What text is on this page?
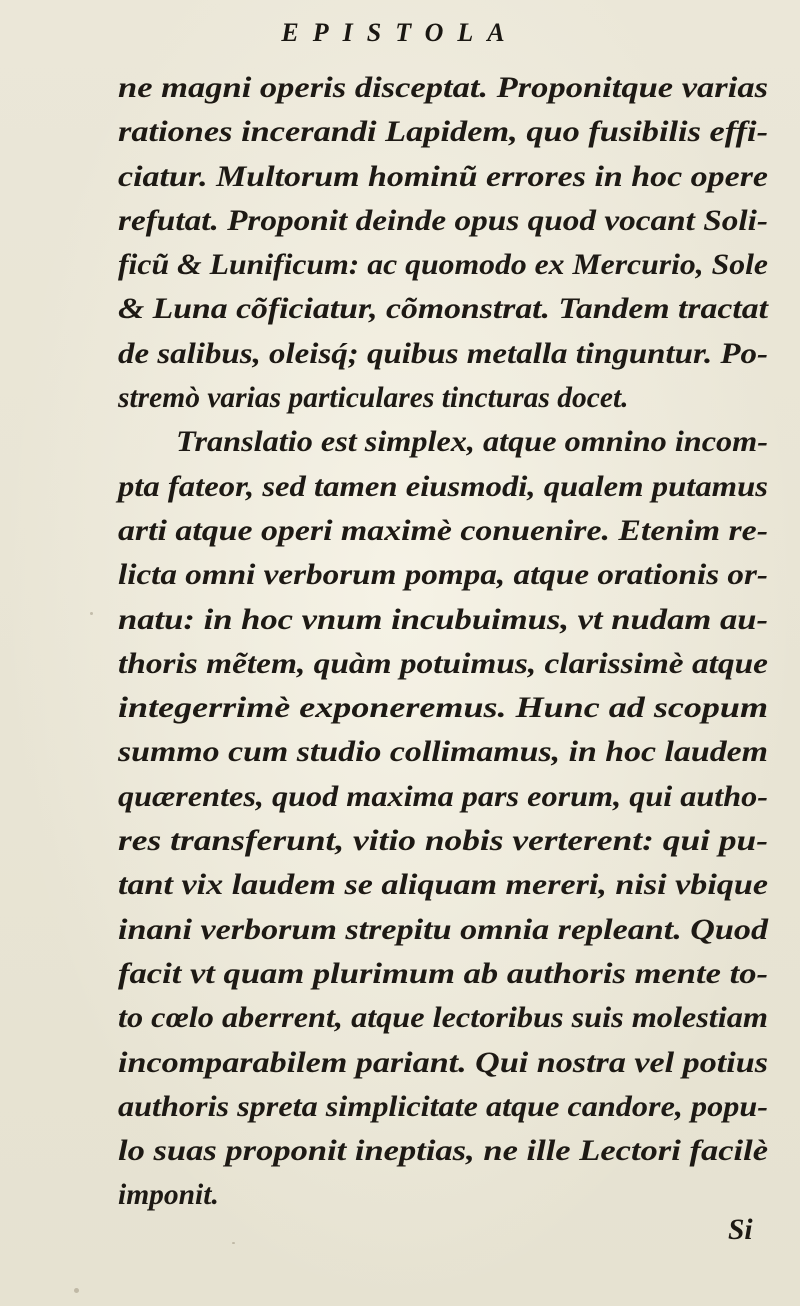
EPISTOLA
ne magni operis disceptat. Proponitque varias
rationes incerandi Lapidem, quo fusibilis effi-
ciatur. Multorum hominũ errores in hoc opere
refutat. Proponit deinde opus quod vocant Soli-
ficũ & Lunificum: ac quomodo ex Mercurio, Sole
& Luna cõficiatur, cõmonstrat. Tandem tractat
de salibus, oleisq́; quibus metalla tinguntur. Po-
stremò varias particulares tincturas docet.
Translatio est simplex, atque omnino incom-
pta fateor, sed tamen eiusmodi, qualem putamus
arti atque operi maximè conuenire. Etenim re-
licta omni verborum pompa, atque orationis or-
natu: in hoc vnum incubuimus, vt nudam au-
thoris mẽtem, quàm potuimus, clarissimè atque
integerrimè exponeremus. Hunc ad scopum
summo cum studio collimamus, in hoc laudem
quærentes, quod maxima pars eorum, qui autho-
res transferunt, vitio nobis verterent: qui pu-
tant vix laudem se aliquam mereri, nisi vbique
inani verborum strepitu omnia repleant. Quod
facit vt quam plurimum ab authoris mente to-
to cœlo aberrent, atque lectoribus suis molestiam
incomparabilem pariant. Qui nostra vel potius
authoris spreta simplicitate atque candore, popu-
lo suas proponit ineptias, ne ille Lectori facilè
imponit.
Si
